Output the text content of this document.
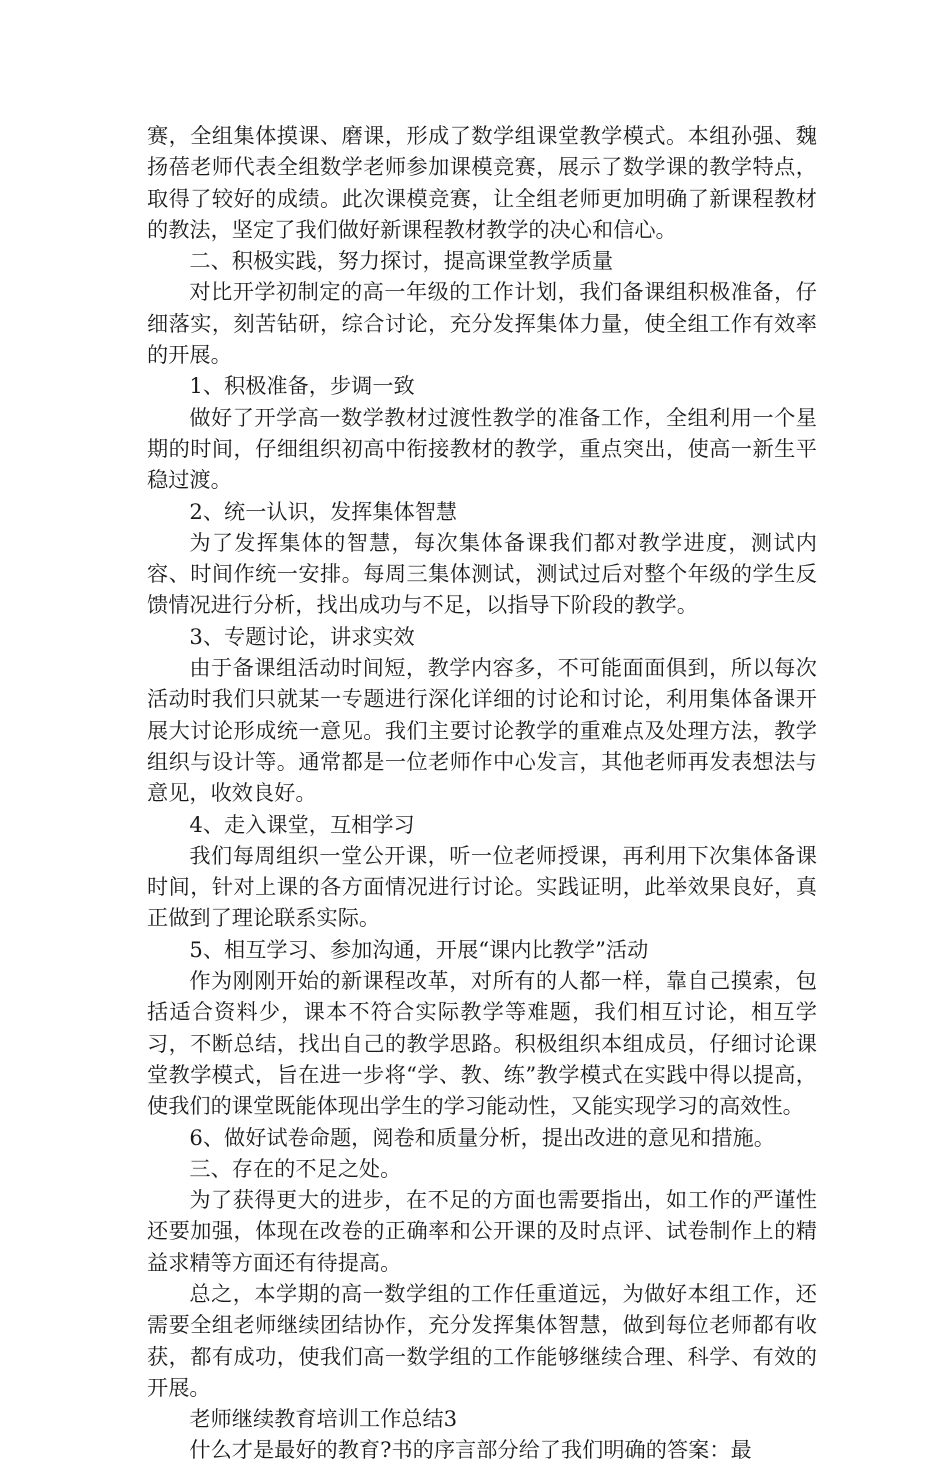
赛，全组集体摸课、磨课，形成了数学组课堂教学模式。本组孙强、魏扬蓓老师代表全组数学老师参加课模竞赛，展示了数学课的教学特点，取得了较好的成绩。此次课模竞赛，让全组老师更加明确了新课程教材的教法，坚定了我们做好新课程教材教学的决心和信心。

二、积极实践，努力探讨，提高课堂教学质量

对比开学初制定的高一年级的工作计划，我们备课组积极准备，仔细落实，刻苦钻研，综合讨论，充分发挥集体力量，使全组工作有效率的开展。

1、积极准备，步调一致

做好了开学高一数学教材过渡性教学的准备工作，全组利用一个星期的时间，仔细组织初高中衔接教材的教学，重点突出，使高一新生平稳过渡。

2、统一认识，发挥集体智慧

为了发挥集体的智慧，每次集体备课我们都对教学进度，测试内容、时间作统一安排。每周三集体测试，测试过后对整个年级的学生反馈情况进行分析，找出成功与不足，以指导下阶段的教学。

3、专题讨论，讲求实效

由于备课组活动时间短，教学内容多，不可能面面俱到，所以每次活动时我们只就某一专题进行深化详细的讨论和讨论，利用集体备课开展大讨论形成统一意见。我们主要讨论教学的重难点及处理方法，教学组织与设计等。通常都是一位老师作中心发言，其他老师再发表想法与意见，收效良好。

4、走入课堂，互相学习

我们每周组织一堂公开课，听一位老师授课，再利用下次集体备课时间，针对上课的各方面情况进行讨论。实践证明，此举效果良好，真正做到了理论联系实际。

5、相互学习、参加沟通，开展“课内比教学”活动

作为刚刚开始的新课程改革，对所有的人都一样，靠自己摸索，包括适合资料少，课本不符合实际教学等难题，我们相互讨论，相互学习，不断总结，找出自己的教学思路。积极组织本组成员，仔细讨论课堂教学模式，旨在进一步将“学、教、练”教学模式在实践中得以提高，使我们的课堂既能体现出学生的学习能动性，又能实现学习的高效性。

6、做好试卷命题，阅卷和质量分析，提出改进的意见和措施。

三、存在的不足之处。

为了获得更大的进步，在不足的方面也需要指出，如工作的严谨性还要加强，体现在改卷的正确率和公开课的及时点评、试卷制作上的精益求精等方面还有待提高。

总之，本学期的高一数学组的工作任重道远，为做好本组工作，还需要全组老师继续团结协作，充分发挥集体智慧，做到每位老师都有收获，都有成功，使我们高一数学组的工作能够继续合理、科学、有效的开展。

老师继续教育培训工作总结3

什么才是最好的教育?书的序言部分给了我们明确的答案：最
